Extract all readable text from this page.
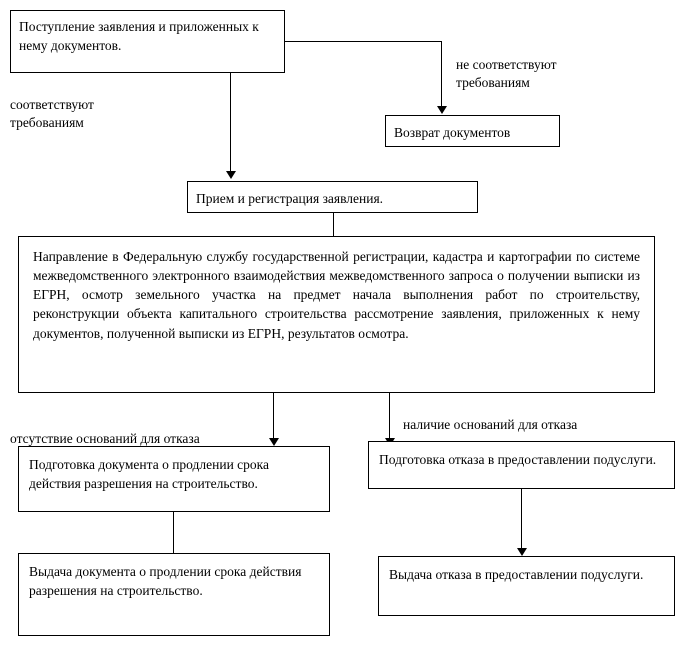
Поступление заявления и приложенных к нему документов.

не соответствуют требованиям

соответствуют требованиям

Возврат документов
Прием и регистрация заявления.
Направление в Федеральную службу государственной регистрации, кадастра и картографии по системе межведомственного электронного взаимодействия межведомственного запроса о получении выписки из ЕГРН, осмотр земельного участка на предмет начала выполнения работ по строительству, реконструкции объекта капитального строительства рассмотрение заявления, приложенных к нему документов, полученной выписки из ЕГРН, результатов осмотра.

отсутствие оснований для отказа

наличие оснований для отказа

Подготовка документа о продлении срока действия разрешения на строительство.
Подготовка отказа в предоставлении подуслуги.
Выдача документа о продлении срока действия разрешения на строительство.
Выдача отказа в предоставлении подуслуги.
